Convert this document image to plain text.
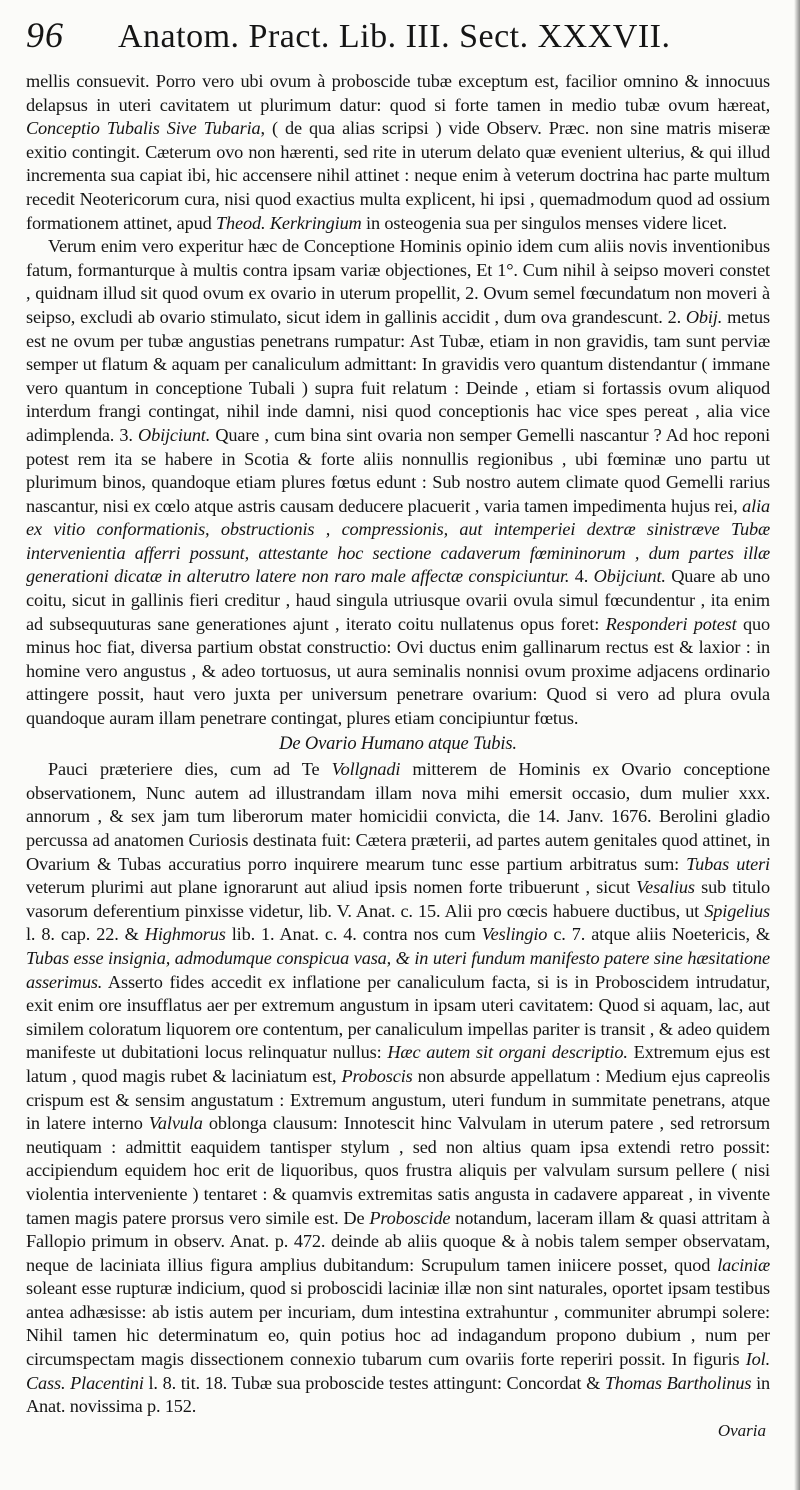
96	Anatom. Pract. Lib. III. Sect. XXXVII.

mellis consuevit. Porro vero ubi ovum à proboscide tubæ exceptum est, facilior omnino & innocuus delapsus in uteri cavitatem ut plurimum datur: quod si forte tamen in medio tubæ ovum hæreat, Conceptio Tubalis Sive Tubaria, ( de qua alias scripsi ) vide Observ. Præc. non sine matris miseræ exitio contingit. Cæterum ovo non hærenti, sed rite in uterum delato quæ evenient ulterius, & qui illud incrementa sua capiat ibi, hic accensere nihil attinet : neque enim à veterum doctrina hac parte multum recedit Neotericorum cura, nisi quod exactius multa explicent, hi ipsi , quemadmodum quod ad ossium formationem attinet, apud Theod. Kerkringium in osteogenia sua per singulos menses videre licet.

Verum enim vero experitur hæc de Conceptione Hominis opinio idem cum aliis novis inventionibus fatum, formanturque à multis contra ipsam variæ objectiones, Et 1°. Cum nihil à seipso moveri constet , quidnam illud sit quod ovum ex ovario in uterum propellit, 2. Ovum semel fœcundatum non moveri à seipso, excludi ab ovario stimulato, sicut idem in gallinis accidit , dum ova grandescunt. 2. Obij. metus est ne ovum per tubæ angustias penetrans rumpatur: Ast Tubæ, etiam in non gravidis, tam sunt perviæ semper ut flatum & aquam per canaliculum admittant: In gravidis vero quantum distendantur ( immane vero quantum in conceptione Tubali ) supra fuit relatum : Deinde , etiam si fortassis ovum aliquod interdum frangi contingat, nihil inde damni, nisi quod conceptionis hac vice spes pereat , alia vice adimplenda. 3. Obijciunt. Quare , cum bina sint ovaria non semper Gemelli nascantur ? Ad hoc reponi potest rem ita se habere in Scotia & forte aliis nonnullis regionibus , ubi fœminæ uno partu ut plurimum binos, quandoque etiam plures fœtus edunt : Sub nostro autem climate quod Gemelli rarius nascantur, nisi ex cœlo atque astris causam deducere placuerit , varia tamen impedimenta hujus rei, alia ex vitio conformationis, obstructionis , compressionis, aut intemperiei dextræ sinistræve Tubæ intervenientia afferri possunt, attestante hoc sectione cadaverum fœmininorum , dum partes illæ generationi dicatæ in alterutro latere non raro male affectæ conspiciuntur. 4. Obijciunt. Quare ab uno coitu, sicut in gallinis fieri creditur , haud singula utriusque ovarii ovula simul fœcundentur , ita enim ad subsequuturas sane generationes ajunt , iterato coitu nullatenus opus foret: Responderi potest quo minus hoc fiat, diversa partium obstat constructio: Ovi ductus enim gallinarum rectus est & laxior : in homine vero angustus , & adeo tortuosus, ut aura seminalis nonnisi ovum proxime adjacens ordinario attingere possit, haut vero juxta per universum penetrare ovarium: Quod si vero ad plura ovula quandoque auram illam penetrare contingat, plures etiam concipiuntur fœtus.

De Ovario Humano atque Tubis.

Pauci præteriere dies, cum ad Te Vollgnadi mitterem de Hominis ex Ovario conceptione observationem, Nunc autem ad illustrandam illam nova mihi emersit occasio, dum mulier xxx. annorum , & sex jam tum liberorum mater homicidii convicta, die 14. Janv. 1676. Berolini gladio percussa ad anatomen Curiosis destinata fuit: Cætera præterii, ad partes autem genitales quod attinet, in Ovarium & Tubas accuratius porro inquirere mearum tunc esse partium arbitratus sum: Tubas uteri veterum plurimi aut plane ignorarunt aut aliud ipsis nomen forte tribuerunt , sicut Vesalius sub titulo vasorum deferentium pinxisse videtur, lib. V. Anat. c. 15. Alii pro cœcis habuere ductibus, ut Spigelius l. 8. cap. 22. & Highmorus lib. 1. Anat. c. 4. contra nos cum Veslingio c. 7. atque aliis Noetericis, & Tubas esse insignia, admodumque conspicua vasa, & in uteri fundum manifesto patere sine hæsitatione asserimus. Asserto fides accedit ex inflatione per canaliculum facta, si is in Proboscidem intrudatur, exit enim ore insufflatus aer per extremum angustum in ipsam uteri cavitatem: Quod si aquam, lac, aut similem coloratum liquorem ore contentum, per canaliculum impellas pariter is transit , & adeo quidem manifeste ut dubitationi locus relinquatur nullus: Hæc autem sit organi descriptio. Extremum ejus est latum , quod magis rubet & laciniatum est, Proboscis non absurde appellatum : Medium ejus capreolis crispum est & sensim angustatum : Extremum angustum, uteri fundum in summitate penetrans, atque in latere interno Valvula oblonga clausum: Innotescit hinc Valvulam in uterum patere , sed retrorsum neutiquam : admittit eaquidem tantisper stylum , sed non altius quam ipsa extendi retro possit: accipiendum equidem hoc erit de liquoribus, quos frustra aliquis per valvulam sursum pellere ( nisi violentia interveniente ) tentaret : & quamvis extremitas satis angusta in cadavere appareat , in vivente tamen magis patere prorsus vero simile est. De Proboscide notandum, laceram illam & quasi attritam à Fallopio primum in observ. Anat. p. 472. deinde ab aliis quoque & à nobis talem semper observatam, neque de laciniata illius figura amplius dubitandum: Scrupulum tamen iniicere posset, quod laciniæ soleant esse rupturæ indicium, quod si proboscidi laciniæ illæ non sint naturales, oportet ipsam testibus antea adhæsisse: ab istis autem per incuriam, dum intestina extrahuntur , communiter abrumpi solere: Nihil tamen hic determinatum eo, quin potius hoc ad indagandum propono dubium , num per circumspectam magis dissectionem connexio tubarum cum ovariis forte reperiri possit. In figuris Iol. Cass. Placentini l. 8. tit. 18. Tubæ sua proboscide testes attingunt: Concordat & Thomas Bartholinus in Anat. novissima p. 152.

Ovaria
